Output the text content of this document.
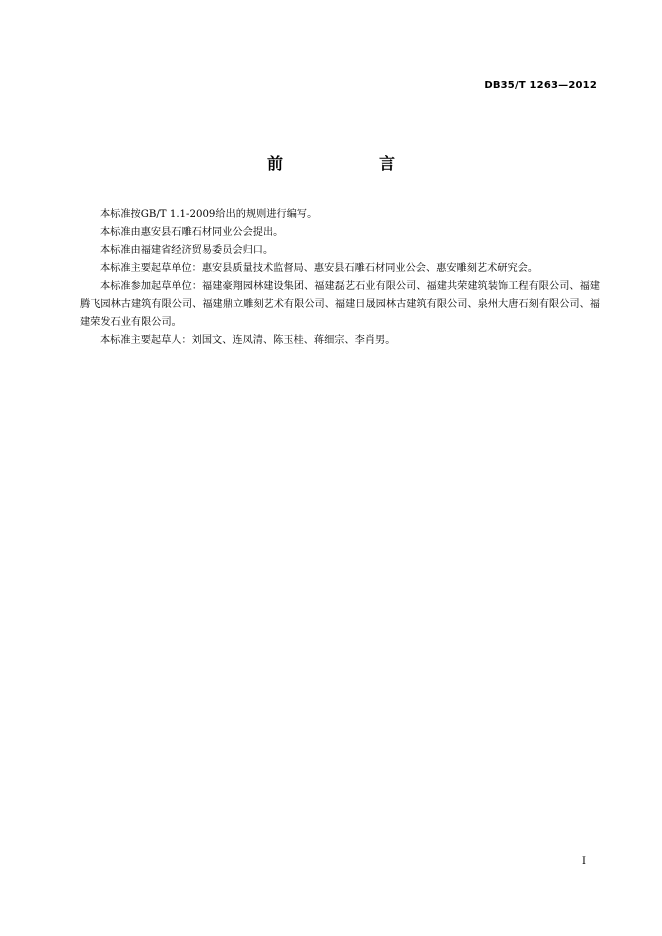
DB35/T 1263—2012
前　言

本标准按GB/T 1.1-2009给出的规则进行编写。

本标准由惠安县石雕石材同业公会提出。

本标准由福建省经济贸易委员会归口。

本标准主要起草单位：惠安县质量技术监督局、惠安县石雕石材同业公会、惠安雕刻艺术研究会。

本标准参加起草单位：福建豪翔园林建设集团、福建磊艺石业有限公司、福建共荣建筑装饰工程有限公司、福建腾飞园林古建筑有限公司、福建鼎立雕刻艺术有限公司、福建日晟园林古建筑有限公司、泉州大唐石刻有限公司、福建荣发石业有限公司。

本标准主要起草人：刘国文、连凤清、陈玉桂、蒋细宗、李肖男。

I
